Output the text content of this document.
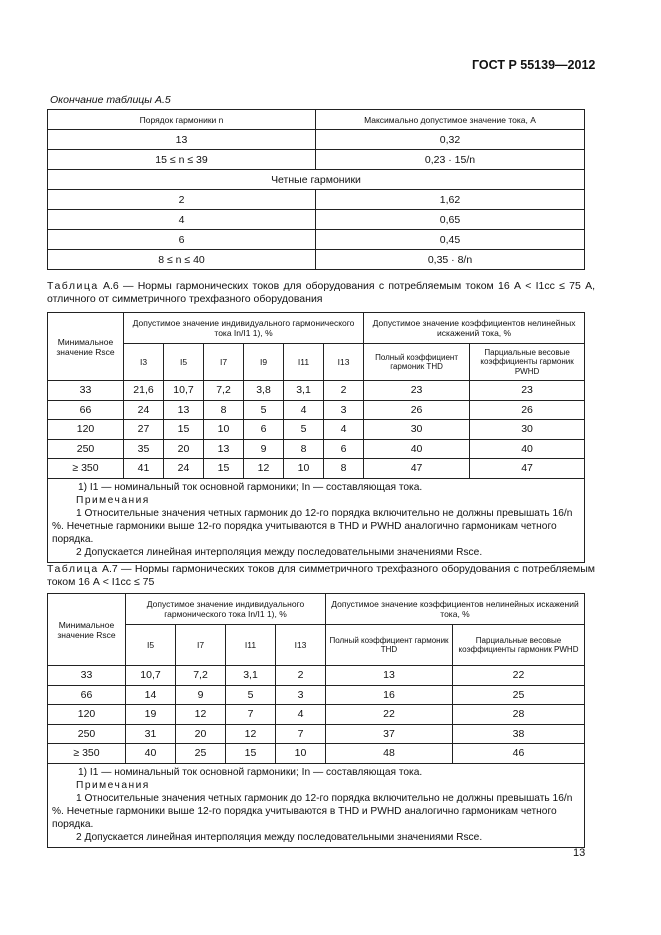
ГОСТ Р 55139—2012
Окончание таблицы А.5
Порядок гармоники n	Максимально допустимое значение тока, А
13	0,32
15 ≤ n ≤ 39	0,23 · 15/n
Четные гармоники	
2	1,62
4	0,65
6	0,45
8 ≤ n ≤ 40	0,35 · 8/n
Таблица А.6 — Нормы гармонических токов для оборудования с потребляемым током 16 А < I1cc ≤ 75 А, отличного от симметричного трехфазного оборудования
Минимальное значение Rsce	Допустимое значение индивидуального гармонического тока In/I1 1), %						Допустимое значение коэффициентов нелинейных искажений тока, %	
	I3	I5	I7	I9	I11	I13	Полный коэффициент гармоник THD	Парциальные весовые коэффициенты гармоник PWHD
33	21,6	10,7	7,2	3,8	3,1	2	23	23
66	24	13	8	5	4	3	26	26
120	27	15	10	6	5	4	30	30
250	35	20	13	9	8	6	40	40
≥ 350	41	24	15	12	10	8	47	47

1) I1 — номинальный ток основной гармоники; In — составляющая тока.
Примечания
1 Относительные значения четных гармоник до 12-го порядка включительно не должны превышать 16/n %. Нечетные гармоники выше 12-го порядка учитываются в THD и PWHD аналогично гармоникам четного порядка.
2 Допускается линейная интерполяция между последовательными значениями Rsce.								
Таблица А.7 — Нормы гармонических токов для симметричного трехфазного оборудования с потребляемым током 16 А < I1cc ≤ 75
Минимальное значение Rsce	Допустимое значение индивидуального гармонического тока In/I1 1), %				Допустимое значение коэффициентов нелинейных искажений тока, %	
	I5	I7	I11	I13	Полный коэффициент гармоник THD	Парциальные весовые коэффициенты гармоник PWHD
33	10,7	7,2	3,1	2	13	22
66	14	9	5	3	16	25
120	19	12	7	4	22	28
250	31	20	12	7	37	38
≥ 350	40	25	15	10	48	46

1) I1 — номинальный ток основной гармоники; In — составляющая тока.
Примечания
1 Относительные значения четных гармоник до 12-го порядка включительно не должны превышать 16/n %. Нечетные гармоники выше 12-го порядка учитываются в THD и PWHD аналогично гармоникам четного порядка.
2 Допускается линейная интерполяция между последовательными значениями Rsce.						
13
